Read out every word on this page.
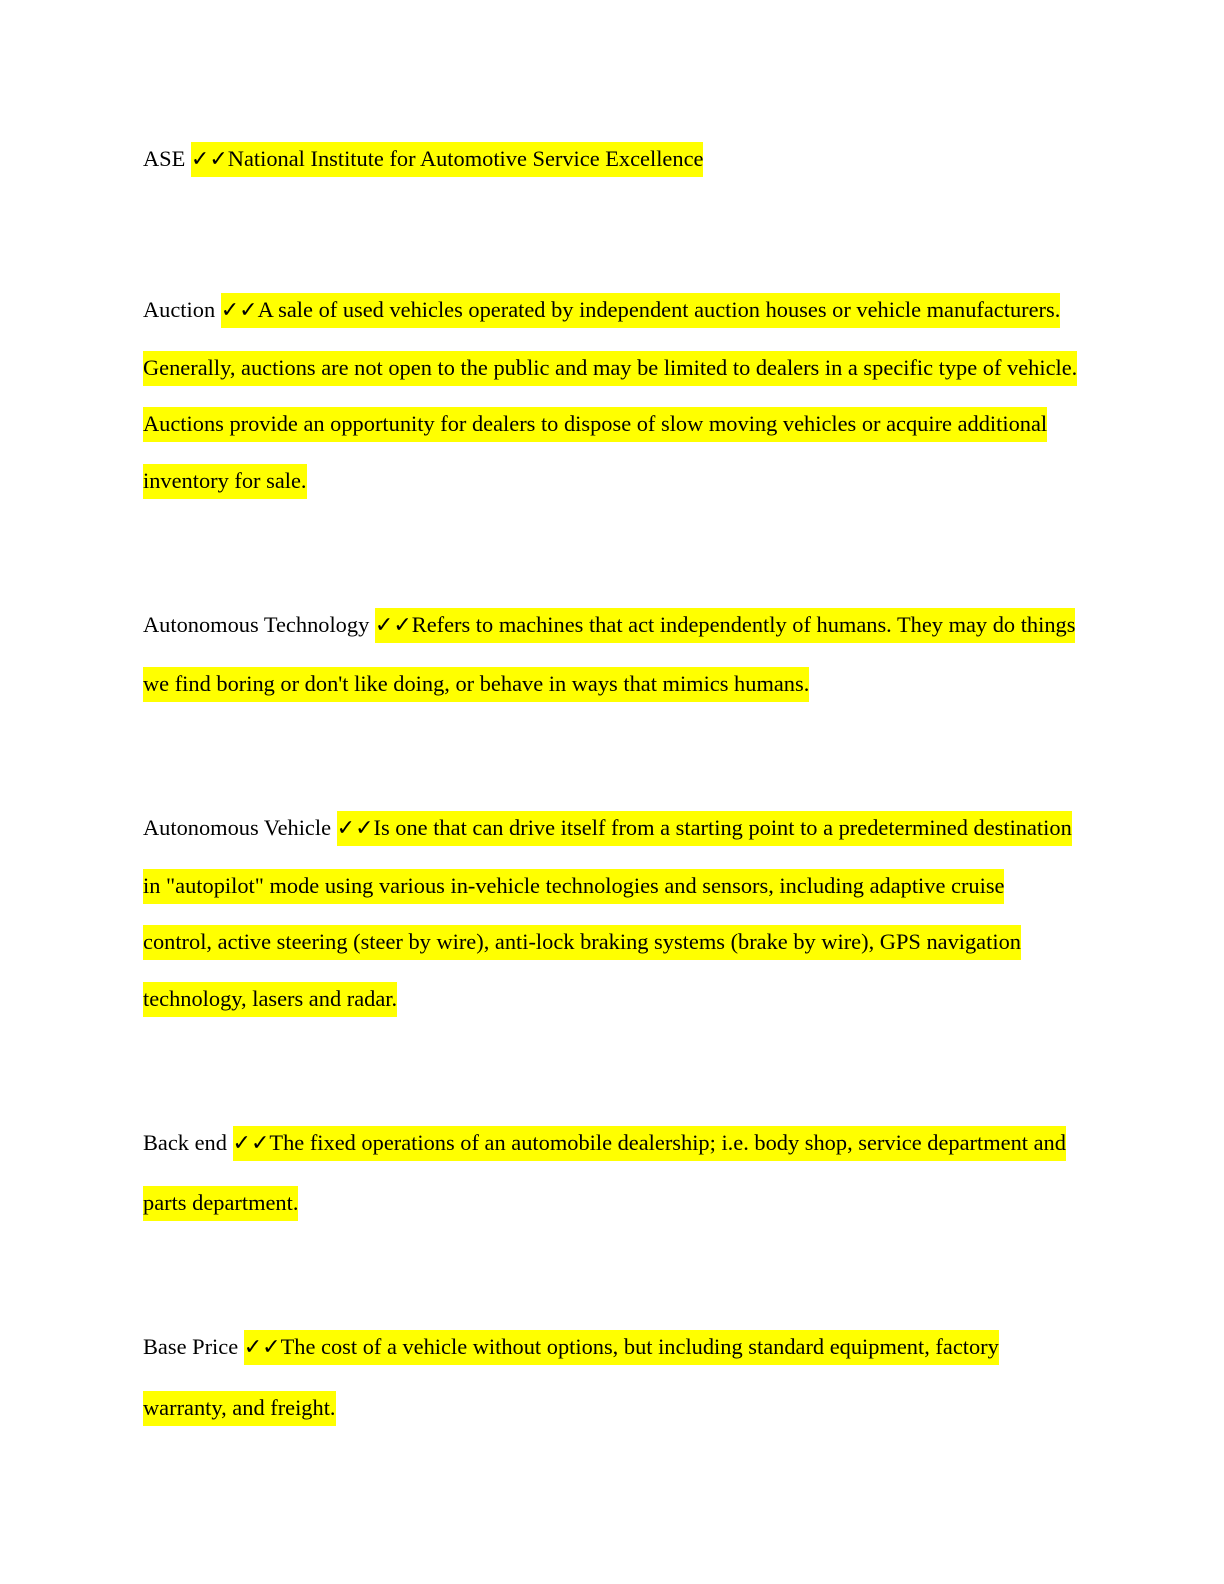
ASE ✓✓National Institute for Automotive Service Excellence

Auction ✓✓A sale of used vehicles operated by independent auction houses or vehicle manufacturers. Generally, auctions are not open to the public and may be limited to dealers in a specific type of vehicle. Auctions provide an opportunity for dealers to dispose of slow moving vehicles or acquire additional inventory for sale.

Autonomous Technology ✓✓Refers to machines that act independently of humans. They may do things we find boring or don't like doing, or behave in ways that mimics humans.

Autonomous Vehicle ✓✓Is one that can drive itself from a starting point to a predetermined destination in "autopilot" mode using various in-vehicle technologies and sensors, including adaptive cruise control, active steering (steer by wire), anti-lock braking systems (brake by wire), GPS navigation technology, lasers and radar.

Back end ✓✓The fixed operations of an automobile dealership; i.e. body shop, service department and parts department.

Base Price ✓✓The cost of a vehicle without options, but including standard equipment, factory warranty, and freight.
